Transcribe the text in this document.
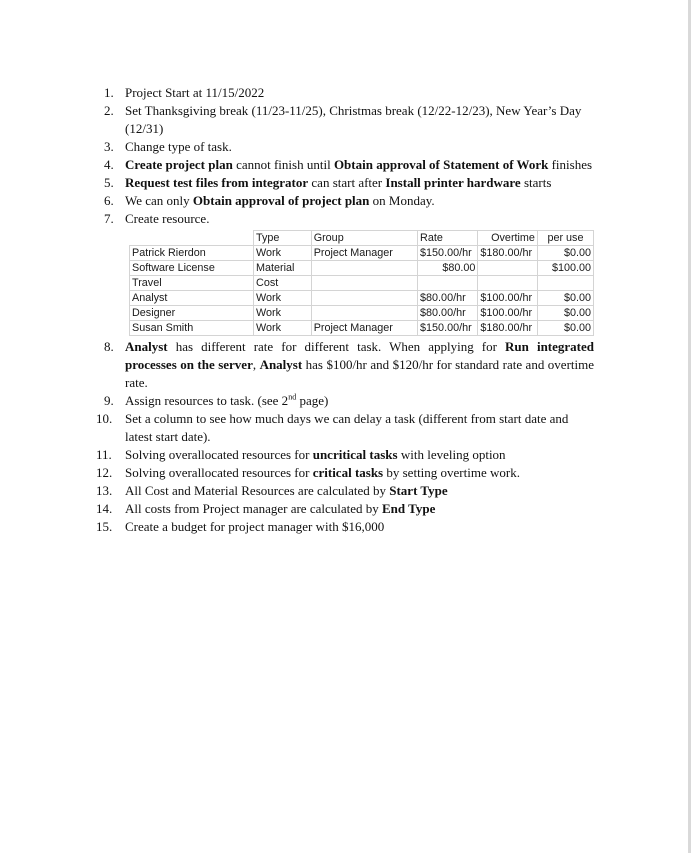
1. Project Start at 11/15/2022
2. Set Thanksgiving break (11/23-11/25), Christmas break (12/22-12/23), New Year’s Day (12/31)
3. Change type of task.
4. Create project plan cannot finish until Obtain approval of Statement of Work finishes
5. Request test files from integrator can start after Install printer hardware starts
6. We can only Obtain approval of project plan on Monday.
7. Create resource.
	Type	Group	Rate	Overtime	per use
Patrick Rierdon	Work	Project Manager	$150.00/hr	$180.00/hr	$0.00
Software License	Material		$80.00		$100.00
Travel	Cost				
Analyst	Work		$80.00/hr	$100.00/hr	$0.00
Designer	Work		$80.00/hr	$100.00/hr	$0.00
Susan Smith	Work	Project Manager	$150.00/hr	$180.00/hr	$0.00
8. Analyst has different rate for different task. When applying for Run integrated processes on the server, Analyst has $100/hr and $120/hr for standard rate and overtime rate.
9. Assign resources to task. (see 2nd page)
10. Set a column to see how much days we can delay a task (different from start date and latest start date).
11.	Solving overallocated resources for uncritical tasks with leveling option
12. Solving overallocated resources for critical tasks by setting overtime work.
13. All Cost and Material Resources are calculated by Start Type
14. All costs from Project manager are calculated by End Type
15. Create a budget for project manager with $16,000
